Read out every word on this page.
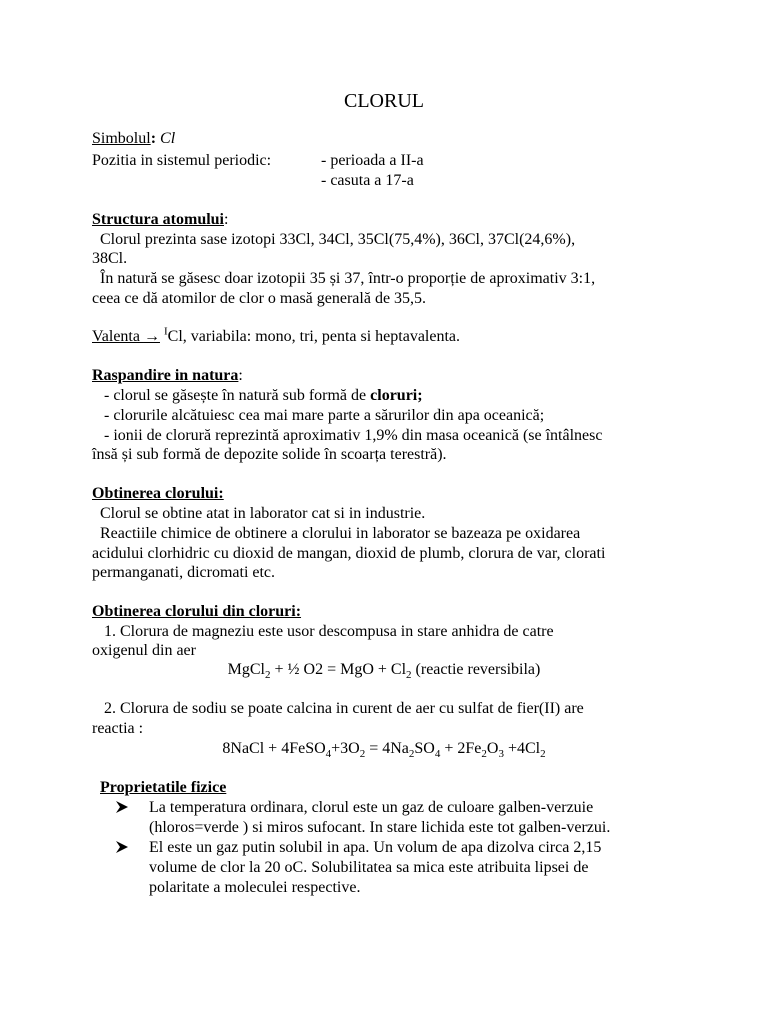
CLORUL
Simbolul: Cl
Pozitia in sistemul periodic:	- perioada a II-a
- casuta a 17-a
Structura atomului:
Clorul prezinta sase izotopi 33Cl, 34Cl, 35Cl(75,4%), 36Cl, 37Cl(24,6%),
38Cl.
În natură se găsesc doar izotopii 35 și 37, într-o proporție de aproximativ 3:1,
ceea ce dă atomilor de clor o masă generală de 35,5.
Valenta → $^I$Cl, variabila: mono, tri, penta si heptavalenta.
Raspandire in natura:
- clorul se găsește în natură sub formă de cloruri;
- clorurile alcătuiesc cea mai mare parte a sărurilor din apa oceanică;
- ionii de clorură reprezintă aproximativ 1,9% din masa oceanică (se întâlnesc
însă și sub formă de depozite solide în scoarța terestră).
Obtinerea clorului:
Clorul se obtine atat in laborator cat si in industrie.
Reactiile chimice de obtinere a clorului in laborator se bazeaza pe oxidarea
acidului clorhidric cu dioxid de mangan, dioxid de plumb, clorura de var, clorati
permanganati, dicromati etc.
Obtinerea clorului din cloruri:
1. Clorura de magneziu este usor descompusa in stare anhidra de catre
oxigenul din aer
MgCl$_2$ + ½ O2 = MgO + $Cl_2$ (reactie reversibila)
2. Clorura de sodiu se poate calcina in curent de aer cu sulfat de fier(II) are
reactia :
8NaCl + $4FeSO_4+3O_2 = 4Na_2SO_4 + 2Fe_2O_3 +4Cl_2$
Proprietatile fizice
La temperatura ordinara, clorul este un gaz de culoare galben-verzuie
(hloros=verde ) si miros sufocant. In stare lichida este tot galben-verzui.
El este un gaz putin solubil in apa. Un volum de apa dizolva circa 2,15
volume de clor la 20 oC. Solubilitatea sa mica este atribuita lipsei de
polaritate a moleculei respective.
